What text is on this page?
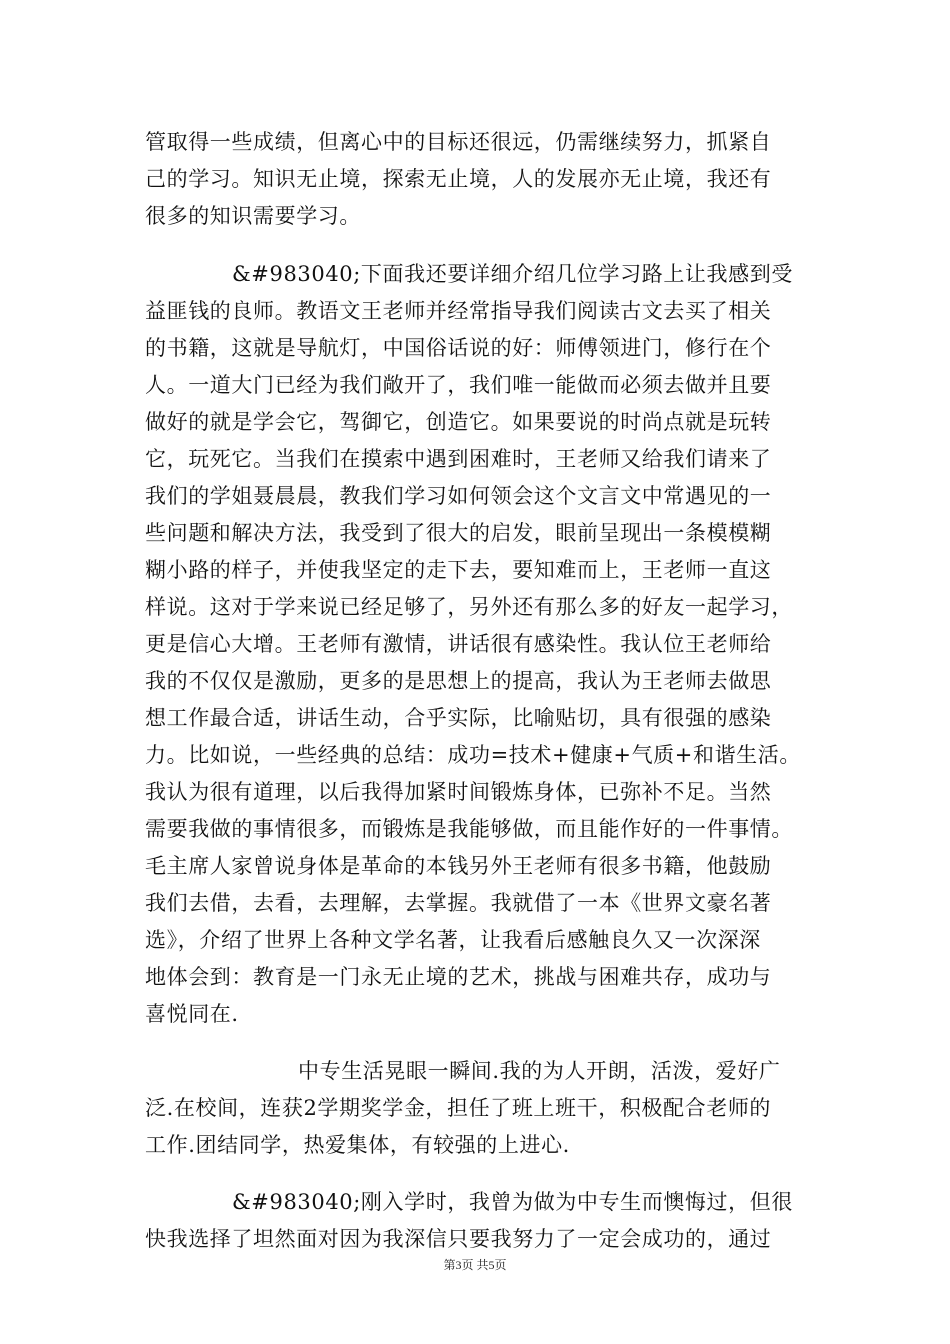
管取得一些成绩，但离心中的目标还很远，仍需继续努力，抓紧自
己的学习。知识无止境，探索无止境，人的发展亦无止境，我还有
很多的知识需要学习。
&#983040;下面我还要详细介绍几位学习路上让我感到受
益匪钱的良师。教语文王老师并经常指导我们阅读古文去买了相关
的书籍，这就是导航灯，中国俗话说的好：师傅领进门，修行在个
人。一道大门已经为我们敞开了，我们唯一能做而必须去做并且要
做好的就是学会它，驾御它，创造它。如果要说的时尚点就是玩转
它，玩死它。当我们在摸索中遇到困难时，王老师又给我们请来了
我们的学姐聂晨晨，教我们学习如何领会这个文言文中常遇见的一
些问题和解决方法，我受到了很大的启发，眼前呈现出一条模模糊
糊小路的样子，并使我坚定的走下去，要知难而上，王老师一直这
样说。这对于学来说已经足够了，另外还有那么多的好友一起学习，
更是信心大增。王老师有激情，讲话很有感染性。我认位王老师给
我的不仅仅是激励，更多的是思想上的提高，我认为王老师去做思
想工作最合适，讲话生动，合乎实际，比喻贴切，具有很强的感染
力。比如说，一些经典的总结：成功=技术+健康+气质+和谐生活。
我认为很有道理，以后我得加紧时间锻炼身体，已弥补不足。当然
需要我做的事情很多，而锻炼是我能够做，而且能作好的一件事情。
毛主席人家曾说身体是革命的本钱另外王老师有很多书籍，他鼓励
我们去借，去看，去理解，去掌握。我就借了一本《世界文豪名著
选》，介绍了世界上各种文学名著，让我看后感触良久又一次深深
地体会到：教育是一门永无止境的艺术，挑战与困难共存，成功与
喜悦同在.
中专生活晃眼一瞬间.我的为人开朗，活泼，爱好广
泛.在校间，连获2学期奖学金，担任了班上班干，积极配合老师的
工作.团结同学，热爱集体，有较强的上进心.
&#983040;刚入学时，我曾为做为中专生而懊悔过，但很
快我选择了坦然面对因为我深信只要我努力了一定会成功的，通过
第3页 共5页
